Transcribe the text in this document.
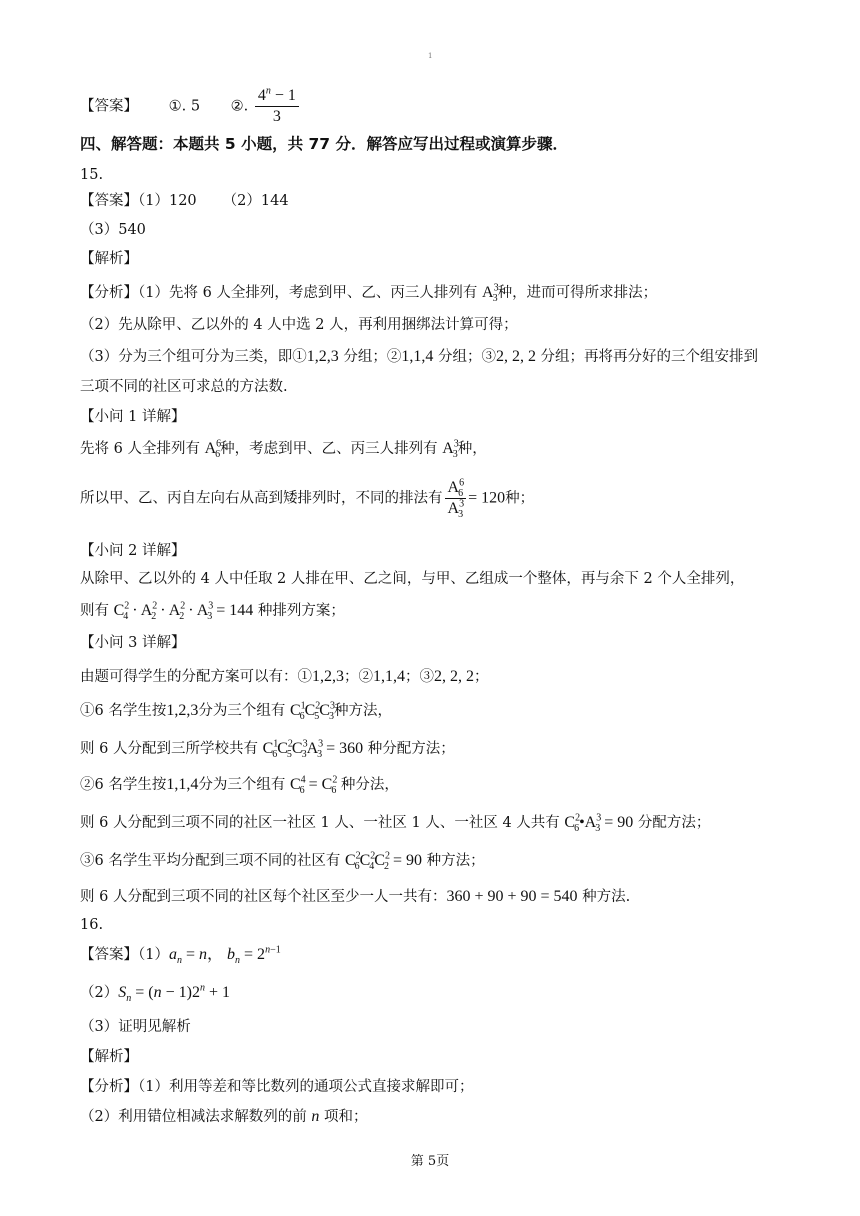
1
【答案】 ①. 5 ②. $\frac{4^n - 1}{3}$
四、解答题：本题共 5 小题，共 77 分．解答应写出过程或演算步骤．
15.
【答案】（1）120 （2）144
（3）540
【解析】
【分析】（1）先将 6 人全排列，考虑到甲、乙、丙三人排列有 $A^3_3$种，进而可得所求排法；
（2）先从除甲、乙以外的 4 人中选 2 人，再利用捆绑法计算可得；
（3）分为三个组可分为三类，即①1,2,3 分组；②1,1,4 分组；③2, 2, 2 分组；再将再分好的三个组安排到
三项不同的社区可求总的方法数.
【小问 1 详解】
先将 6 人全排列有 $A^6_6$种，考虑到甲、乙、丙三人排列有 $A^3_3$种，
所以甲、乙、丙自左向右从高到矮排列时，不同的排法有 $\frac{A^6_6}{A^3_3} = 120$种；
【小问 2 详解】
从除甲、乙以外的 4 人中任取 2 人排在甲、乙之间，与甲、乙组成一个整体，再与余下 2 个人全排列，
则有 $C^2_4 \cdot A^2_2 \cdot A^2_2 \cdot A^3_3 = 144$ 种排列方案；
【小问 3 详解】
由题可得学生的分配方案可以有：①1,2,3；②1,1,4；③2, 2, 2；
①6 名学生按1,2,3分为三个组有 $C^1_6C^2_5C^3_3$种方法，
则 6 人分配到三所学校共有 $C^1_6C^2_5C^3_3A^3_3 = 360$ 种分配方法；
②6 名学生按1,1,4分为三个组有 $C^4_6 = C^2_6$ 种分法，
则 6 人分配到三项不同的社区一社区 1 人、一社区 1 人、一社区 4 人共有 $C^2_6•A^3_3 = 90$ 分配方法；
③6 名学生平均分配到三项不同的社区有 $C^2_6C^2_4C^2_2 = 90$ 种方法；
则 6 人分配到三项不同的社区每个社区至少一人一共有：360 + 90 + 90 = 540 种方法.
16.
【答案】$(1)a_n = n$， $b_n = 2^{n-1}$
$(2)S_n = (n - 1)2^n + 1$
（3）证明见解析
【解析】
【分析】（1）利用等差和等比数列的通项公式直接求解即可；
（2）利用错位相减法求解数列的前 n 项和；
第 5页
